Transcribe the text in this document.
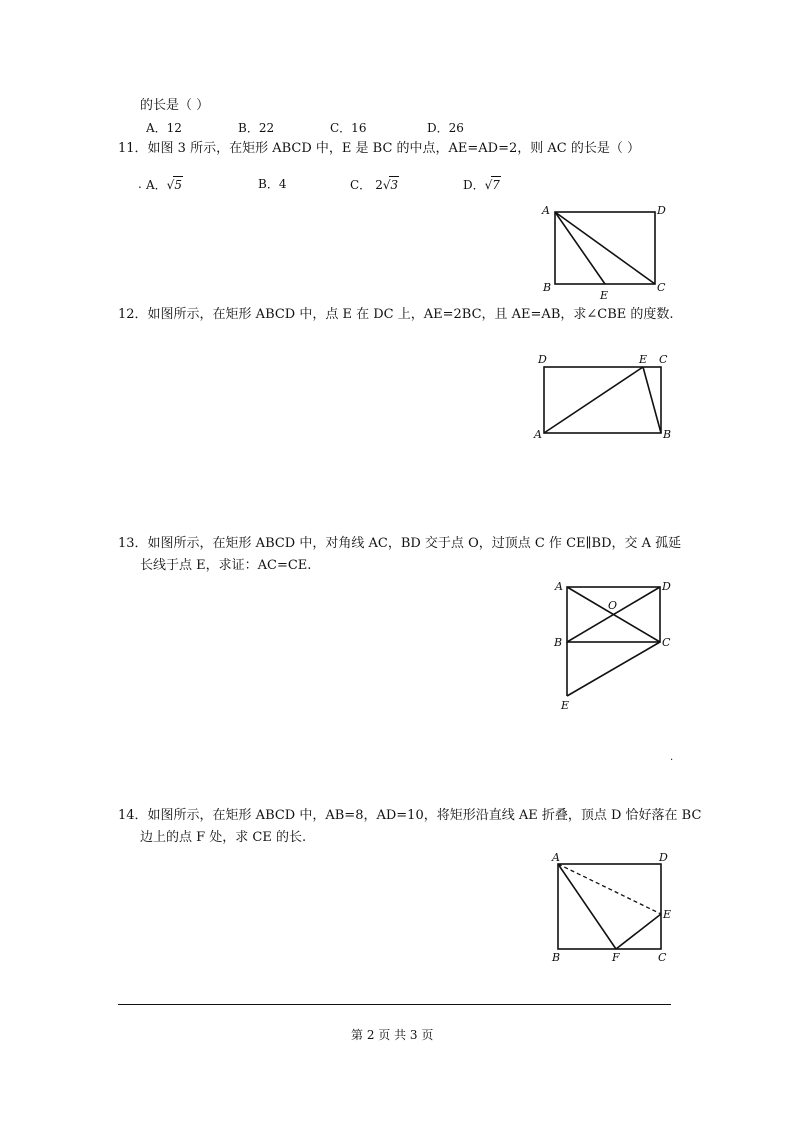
的长是（ ）
A．12	B．22	C．16	D．26
11．如图 3 所示，在矩形 ABCD 中，E 是 BC 的中点，AE=AD=2，则 AC 的长是（ ）
. A．√5	B．4	C． 2√3	D．√7
A	D
B
E
C
12．如图所示，在矩形 ABCD 中，点 E 在 DC 上，AE=2BC，且 AE=AB，求∠CBE 的度数.
D	E C
A	B
13．如图所示，在矩形 ABCD 中，对角线 AC，BD 交于点 O，过顶点 C 作 CE∥BD，交 A 孤延
长线于点 E，求证：AC=CE.
A	D
O
B	C
E
.
14．如图所示，在矩形 ABCD 中，AB=8，AD=10，将矩形沿直线 AE 折叠，顶点 D 恰好落在 BC
边上的点 F 处，求 CE 的长.
A	D
E
B	F	C
第 2 页 共 3 页
